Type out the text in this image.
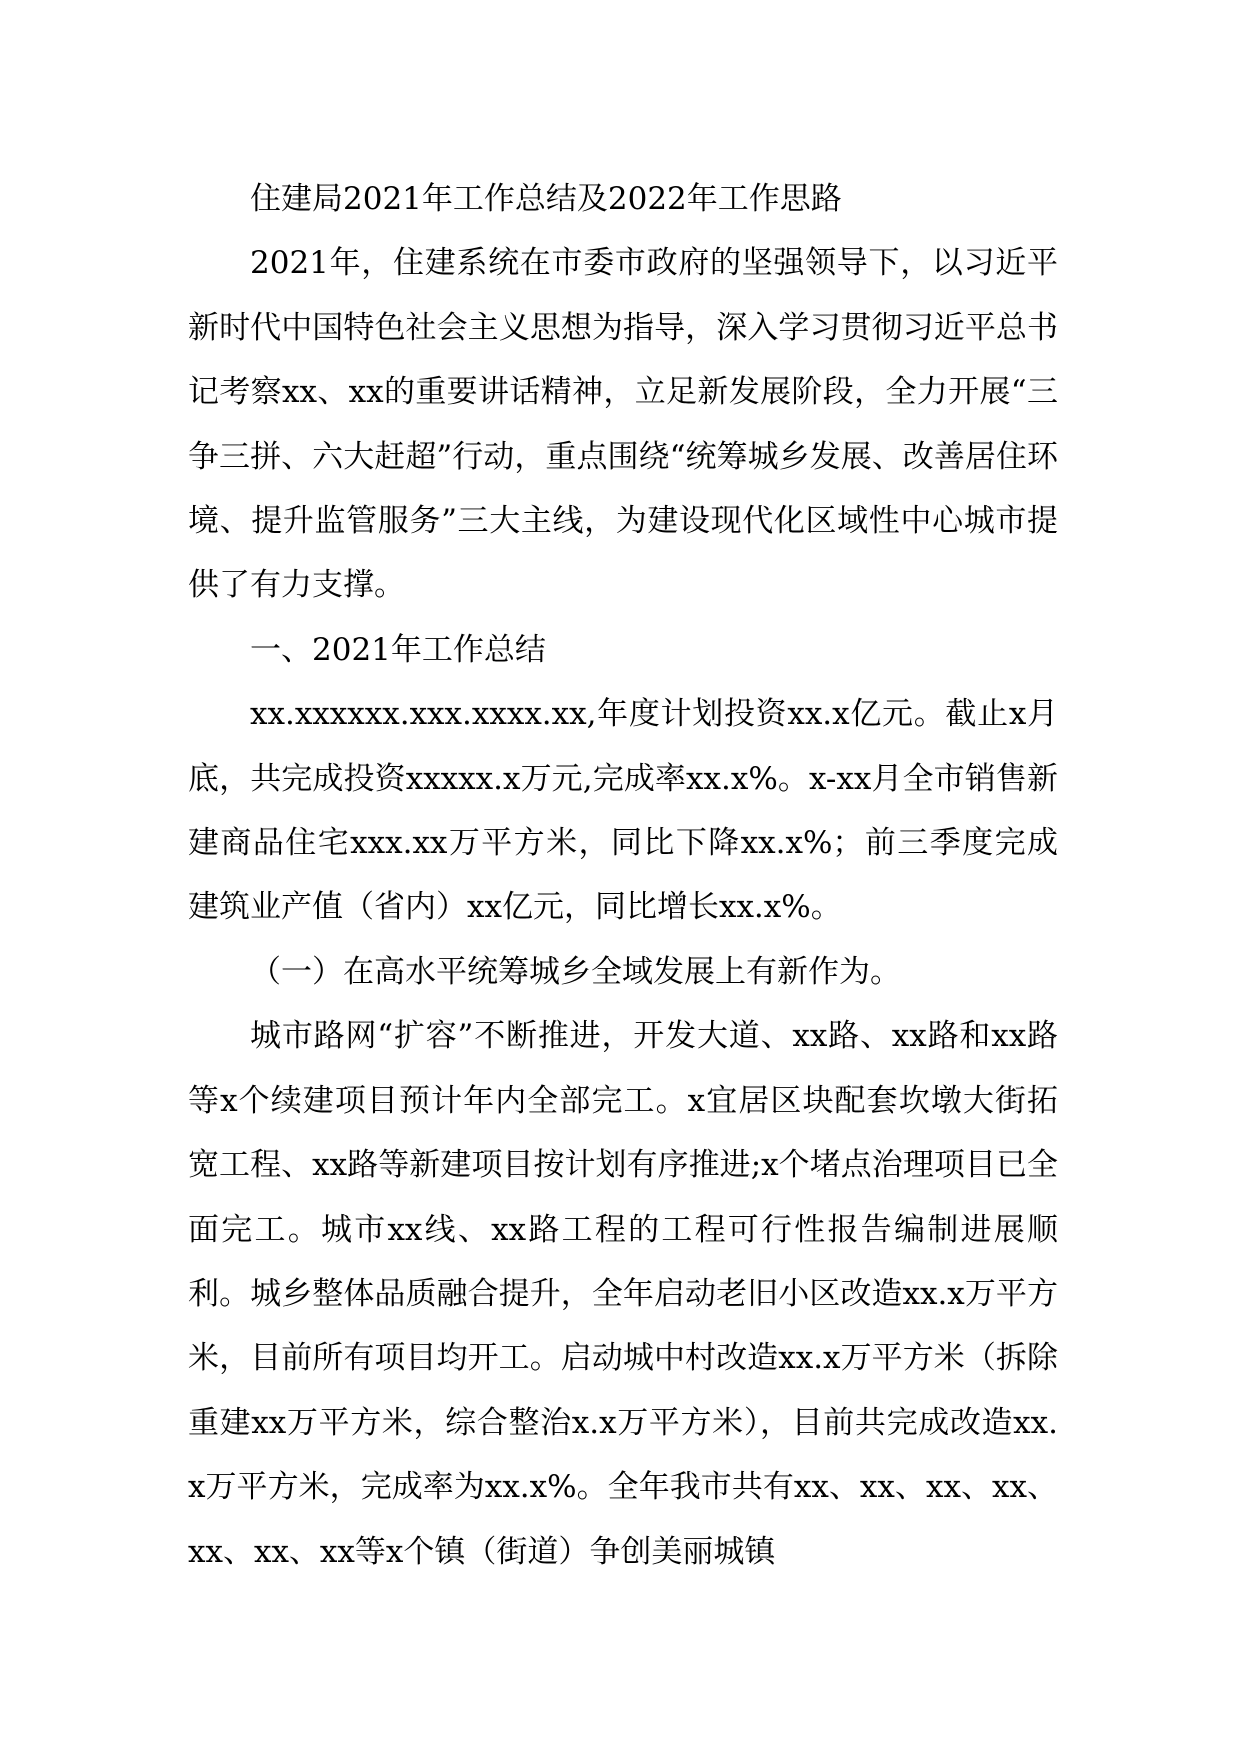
住建局2021年工作总结及2022年工作思路

2021年，住建系统在市委市政府的坚强领导下，以习近平新时代中国特色社会主义思想为指导，深入学习贯彻习近平总书记考察xx、xx的重要讲话精神，立足新发展阶段，全力开展“三争三拼、六大赶超”行动，重点围绕“统筹城乡发展、改善居住环境、提升监管服务”三大主线，为建设现代化区域性中心城市提供了有力支撑。

一、2021年工作总结

xx.xxxxxx.xxx.xxxx.xx,年度计划投资xx.x亿元。截止x月底，共完成投资xxxxx.x万元,完成率xx.x%。x-xx月全市销售新建商品住宅xxx.xx万平方米，同比下降xx.x%；前三季度完成建筑业产值（省内）xx亿元，同比增长xx.x%。

（一）在高水平统筹城乡全域发展上有新作为。

城市路网“扩容”不断推进，开发大道、xx路、xx路和xx路等x个续建项目预计年内全部完工。x宜居区块配套坎墩大街拓宽工程、xx路等新建项目按计划有序推进;x个堵点治理项目已全面完工。城市xx线、xx路工程的工程可行性报告编制进展顺利。城乡整体品质融合提升，全年启动老旧小区改造xx.x万平方米，目前所有项目均开工。启动城中村改造xx.x万平方米（拆除重建xx万平方米，综合整治x.x万平方米），目前共完成改造xx.x万平方米，完成率为xx.x%。全年我市共有xx、xx、xx、xx、xx、xx、xx等x个镇（街道）争创美丽城镇
